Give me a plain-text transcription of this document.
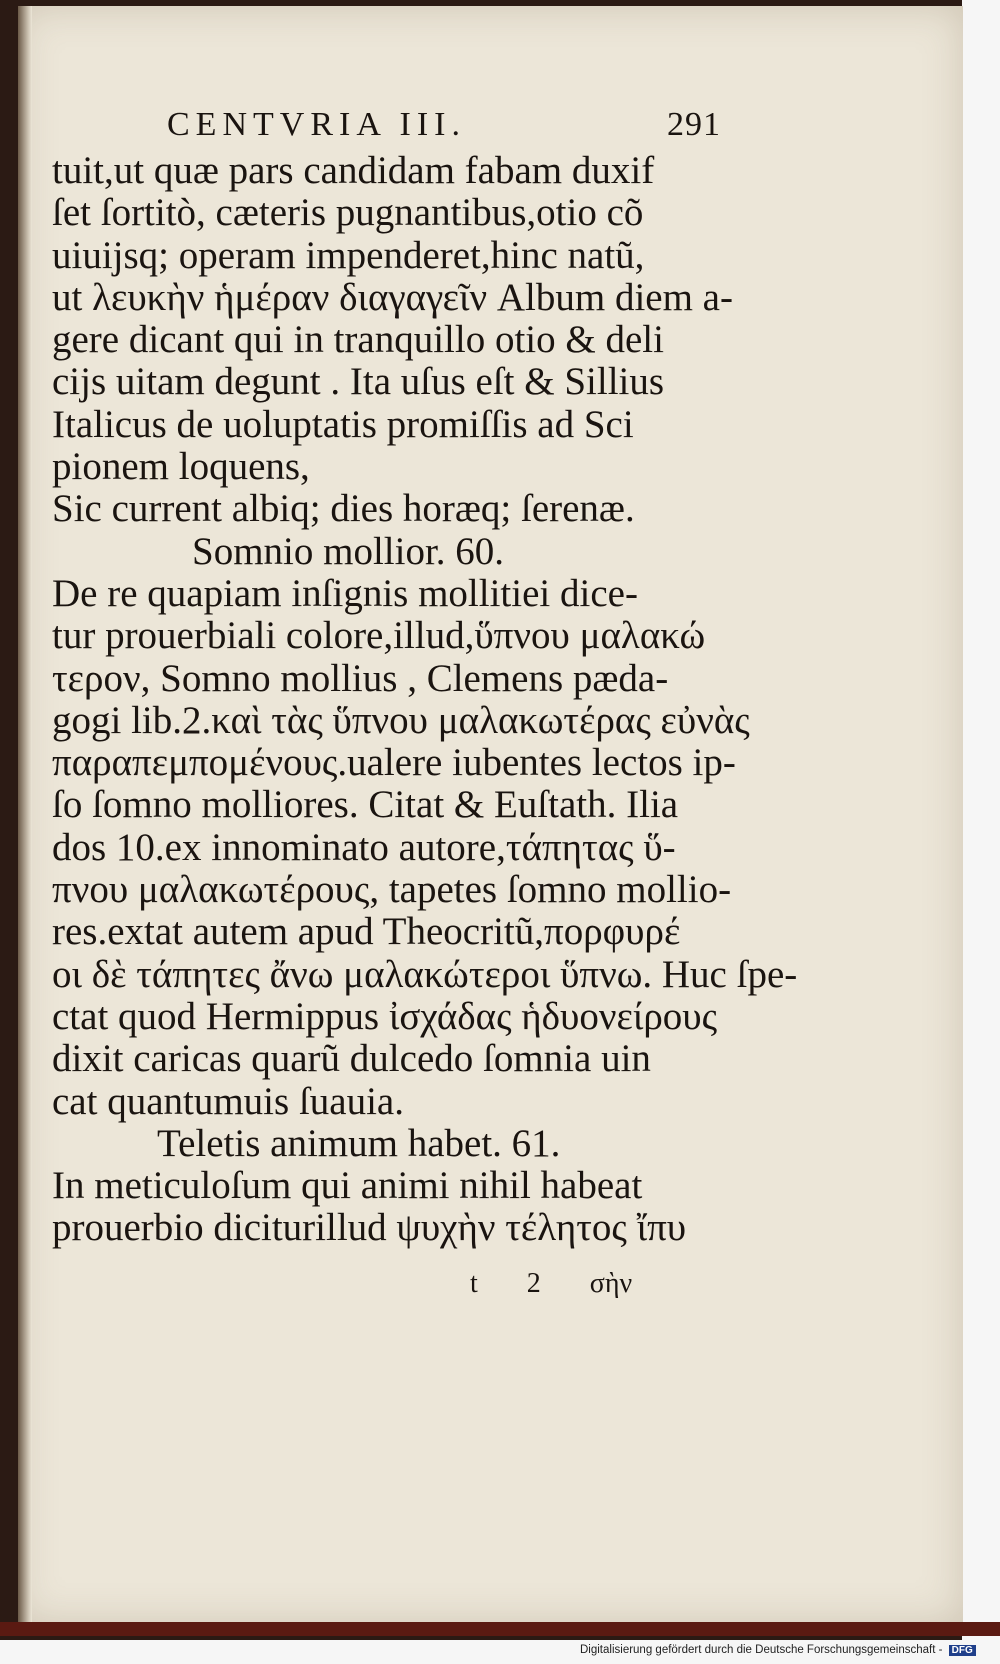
CENTVRIA III.	291
tuit,ut quæ pars candidam fabam duxif
ſet ſortitò, cæteris pugnantibus,otio cõ
uiuijsq; operam impenderet,hinc natũ,
ut λευκὴν ἡμέραν διαγαγεῖν Album diem a-
gere dicant qui in tranquillo otio & deli
cijs uitam degunt . Ita uſus eſt & Sillius
Italicus de uoluptatis promiſſis ad Sci
pionem loquens,
Sic current albiq; dies horæq; ſerenæ.
Somnio mollior. 60.
De re quapiam inſignis mollitiei dice-
tur prouerbiali colore,illud,ὕπνου μαλακώ
τερον, Somno mollius , Clemens pæda-
gogi lib.2.καὶ τὰς ὕπνου μαλακωτέρας εὐνὰς
παραπεμπομένους.ualere iubentes lectos ip-
ſo ſomno molliores. Citat & Euſtath. Ilia
dos 10.ex innominato autore,τάπητας ὕ-
πνου μαλακωτέρους, tapetes ſomno mollio-
res.extat autem apud Theocritũ,πορφυρέ
οι δὲ τάπητες ἄνω μαλακώτεροι ὕπνω. Huc ſpe-
ctat quod Hermippus ἰσχάδας ἡδυονείρους
dixit caricas quarũ dulcedo ſomnia uin
cat quantumuis ſuauia.
Teletis animum habet. 61.
In meticuloſum qui animi nihil habeat
prouerbio diciturillud ψυχὴν τέλητος ἴπυ
t 2 σὴν
Digitalisierung gefördert durch die Deutsche Forschungsgemeinschaft - DFG
